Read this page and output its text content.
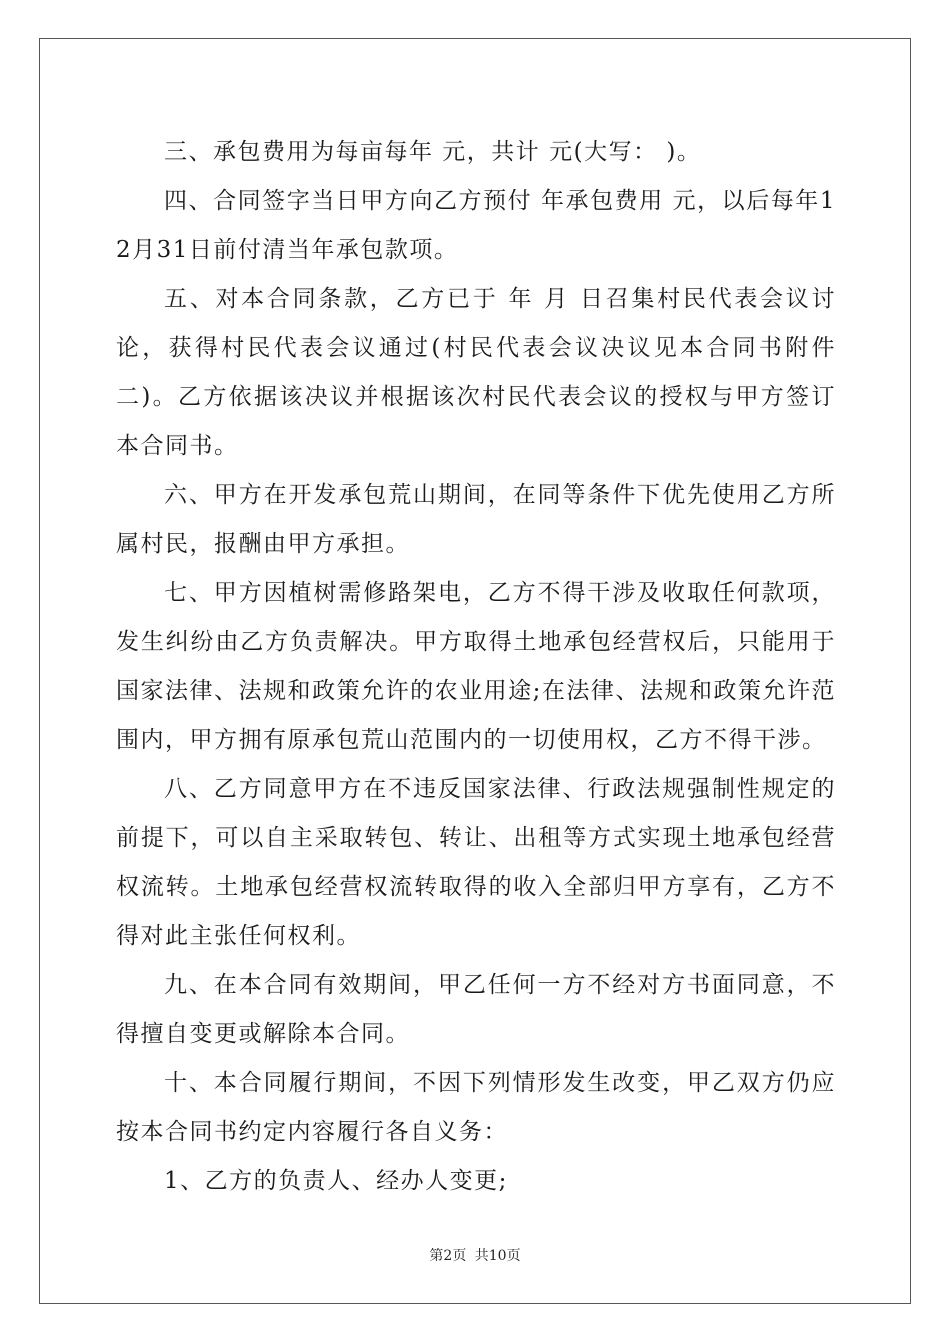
三、承包费用为每亩每年 元，共计 元(大写： )。

四、合同签字当日甲方向乙方预付 年承包费用 元，以后每年12月31日前付清当年承包款项。

五、对本合同条款，乙方已于 年 月 日召集村民代表会议讨论，获得村民代表会议通过(村民代表会议决议见本合同书附件二)。乙方依据该决议并根据该次村民代表会议的授权与甲方签订本合同书。

六、甲方在开发承包荒山期间，在同等条件下优先使用乙方所属村民，报酬由甲方承担。

七、甲方因植树需修路架电，乙方不得干涉及收取任何款项，发生纠纷由乙方负责解决。甲方取得土地承包经营权后，只能用于国家法律、法规和政策允许的农业用途;在法律、法规和政策允许范围内，甲方拥有原承包荒山范围内的一切使用权，乙方不得干涉。

八、乙方同意甲方在不违反国家法律、行政法规强制性规定的前提下，可以自主采取转包、转让、出租等方式实现土地承包经营权流转。土地承包经营权流转取得的收入全部归甲方享有，乙方不得对此主张任何权利。

九、在本合同有效期间，甲乙任何一方不经对方书面同意，不得擅自变更或解除本合同。

十、本合同履行期间，不因下列情形发生改变，甲乙双方仍应按本合同书约定内容履行各自义务：

1、乙方的负责人、经办人变更;

第2页 共10页
